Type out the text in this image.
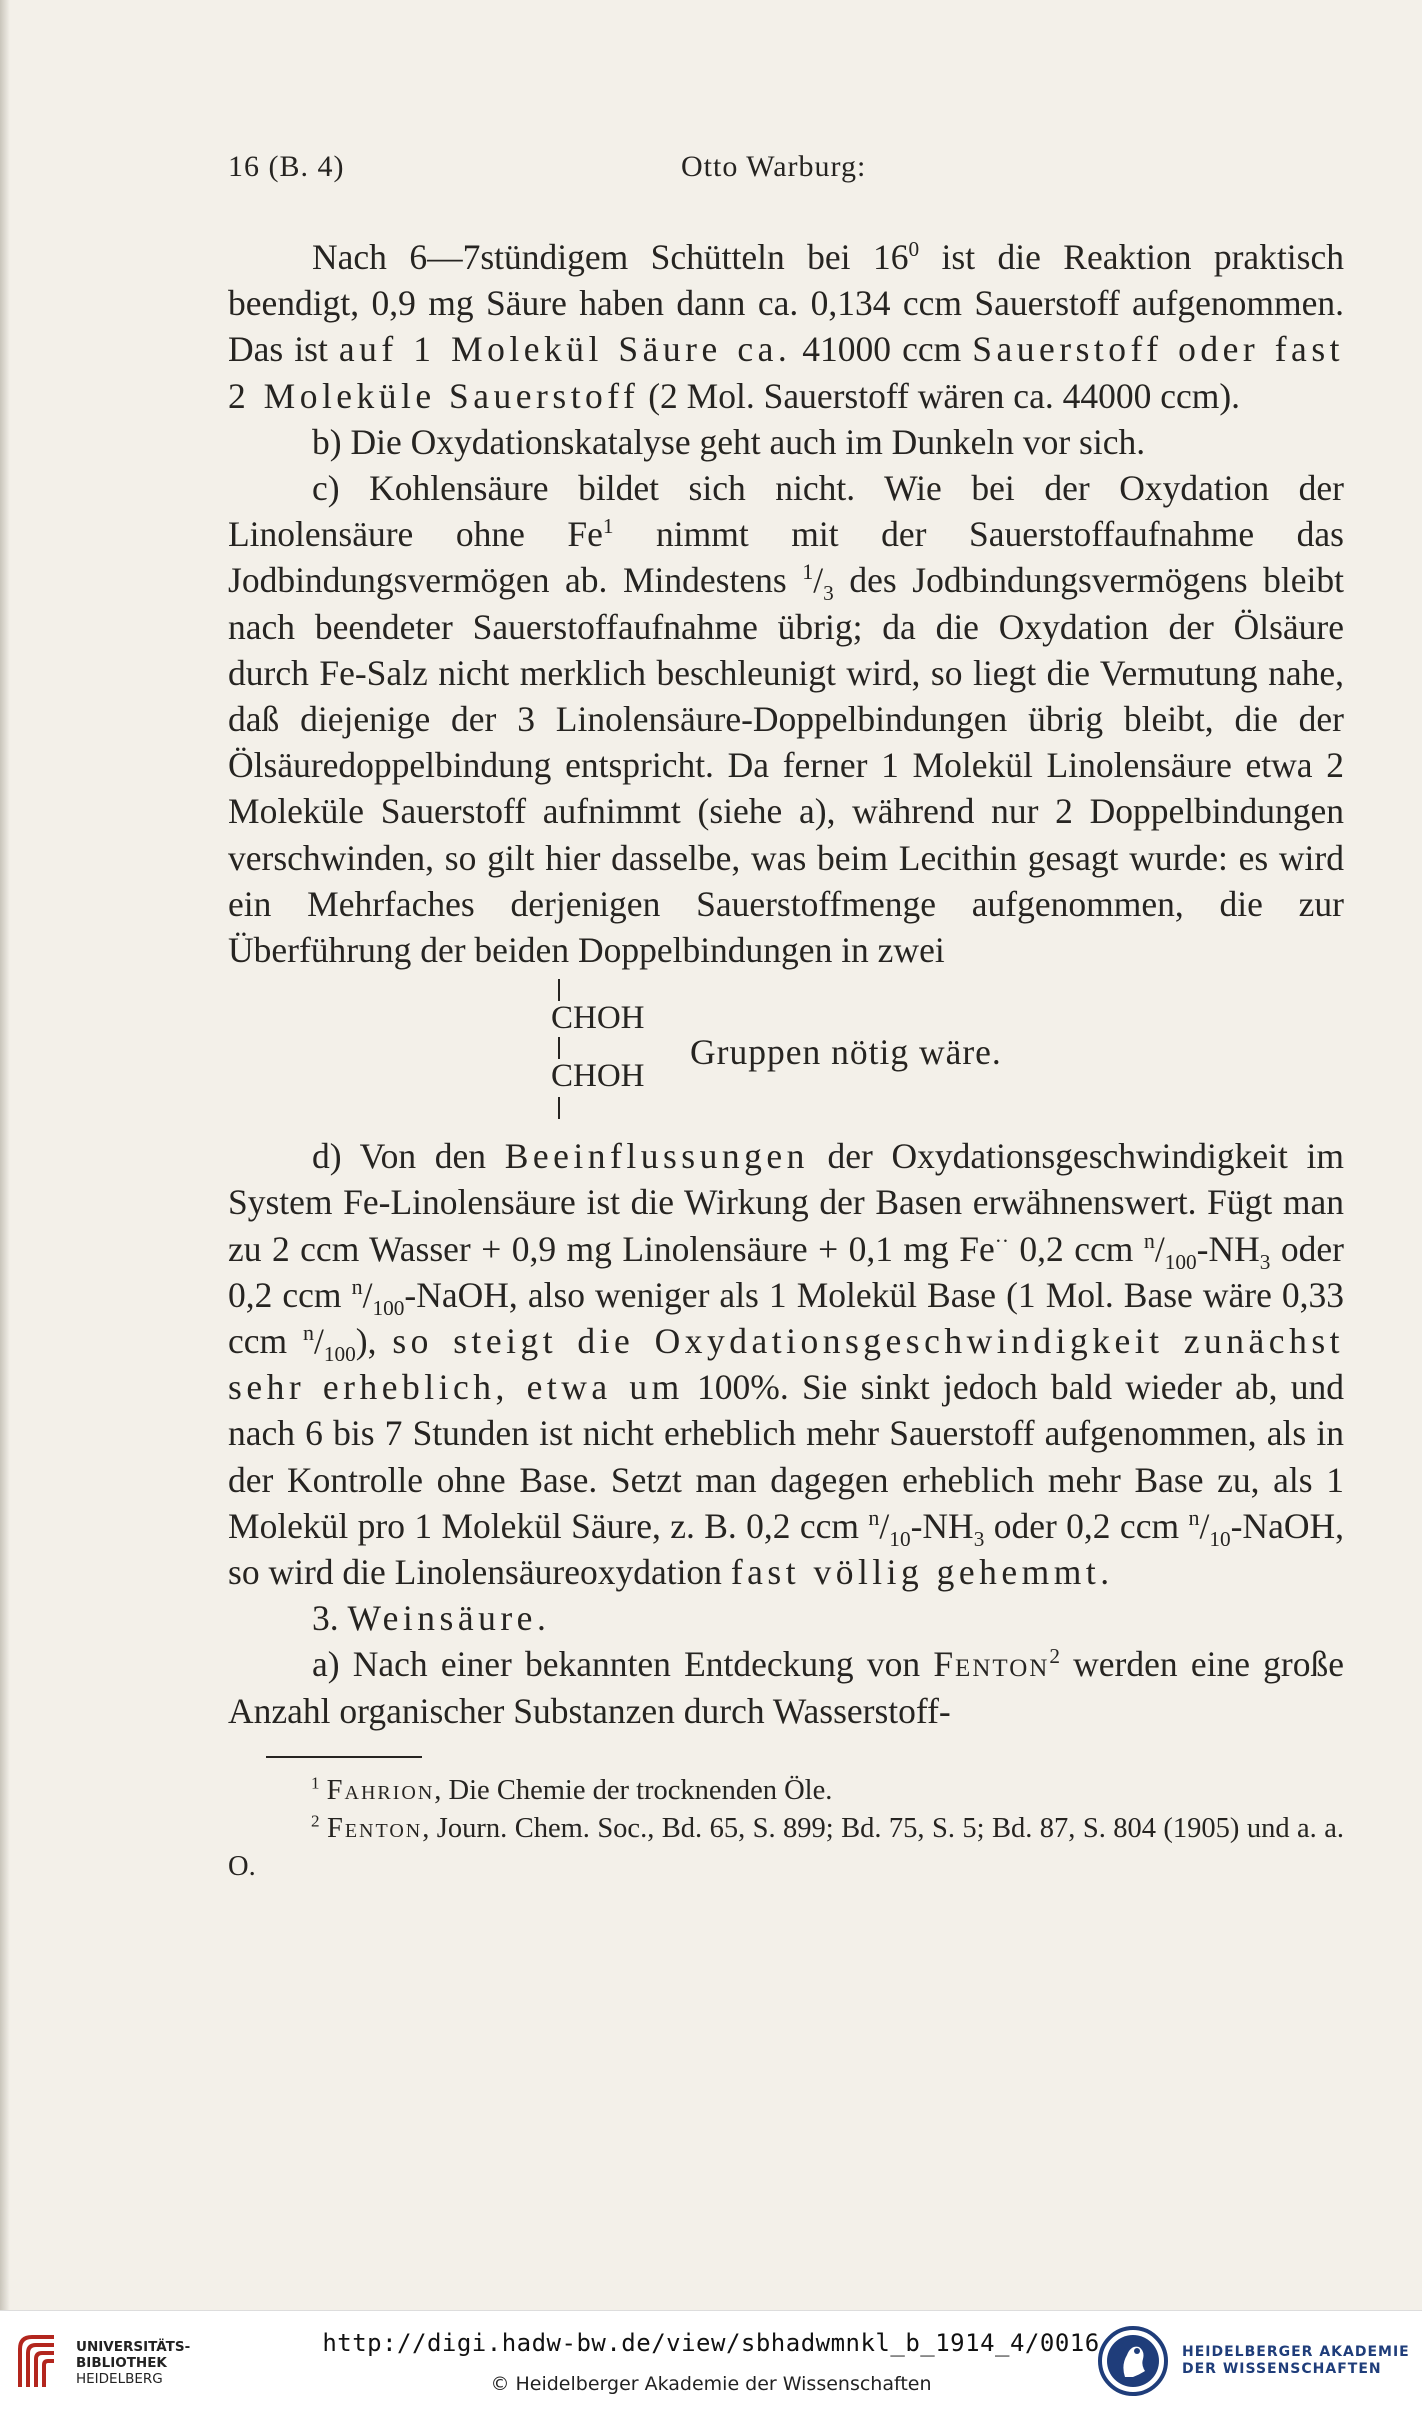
16 (B. 4)	Otto Warburg:

Nach 6—7stündigem Schütteln bei $16^0$ ist die Reaktion praktisch beendigt, 0,9 mg Säure haben dann ca. 0,134 ccm Sauerstoff aufgenommen. Das ist auf 1 Molekül Säure ca. 41000 ccm Sauerstoff oder fast 2 Moleküle Sauerstoff (2 Mol. Sauerstoff wären ca. 44000 ccm).

b) Die Oxydationskatalyse geht auch im Dunkeln vor sich.

c) Kohlensäure bildet sich nicht. Wie bei der Oxydation der Linolensäure ohne Fe$^1$ nimmt mit der Sauerstoffaufnahme das Jodbindungsvermögen ab. Mindestens $^1/_3$ des Jodbindungsvermögens bleibt nach beendeter Sauerstoffaufnahme übrig; da die Oxydation der Ölsäure durch Fe-Salz nicht merklich beschleunigt wird, so liegt die Vermutung nahe, daß diejenige der 3 Linolensäure-Doppelbindungen übrig bleibt, die der Ölsäuredoppelbindung entspricht. Da ferner 1 Molekül Linolensäure etwa 2 Moleküle Sauerstoff aufnimmt (siehe a), während nur 2 Doppelbindungen verschwinden, so gilt hier dasselbe, was beim Lecithin gesagt wurde: es wird ein Mehrfaches derjenigen Sauerstoffmenge aufgenommen, die zur Überführung der beiden Doppelbindungen in zwei

CHOH
CHOH
Gruppen nötig wäre.

d) Von den Beeinflussungen der Oxydationsgeschwindigkeit im System Fe-Linolensäure ist die Wirkung der Basen erwähnenswert. Fügt man zu 2 ccm Wasser + 0,9 mg Linolensäure + 0,1 mg Fe·· 0,2 ccm $^n/_{100}-NH_3$ oder 0,2 ccm $^n/_{100}$-NaOH, also weniger als 1 Molekül Base (1 Mol. Base wäre 0,33 ccm $^n/_{100}$), so steigt die Oxydationsgeschwindigkeit zunächst sehr erheblich, etwa um 100%. Sie sinkt jedoch bald wieder ab, und nach 6 bis 7 Stunden ist nicht erheblich mehr Sauerstoff aufgenommen, als in der Kontrolle ohne Base. Setzt man dagegen erheblich mehr Base zu, als 1 Molekül pro 1 Molekül Säure, z. B. 0,2 ccm $^n/_{10}-NH_3$ oder 0,2 ccm $^n/_{10}$-NaOH, so wird die Linolensäureoxydation fast völlig gehemmt.

3. Weinsäure.

a) Nach einer bekannten Entdeckung von Fenton$^2$ werden eine große Anzahl organischer Substanzen durch Wasserstoff-

$^1$ Fahrion, Die Chemie der trocknenden Öle.

$^2$ Fenton, Journ. Chem. Soc., Bd. 65, S. 899; Bd. 75, S. 5; Bd. 87, S. 804 (1905) und a. a. O.

UNIVERSITÄTS-
BIBLIOTHEK
HEIDELBERG
http://digi.hadw-bw.de/view/sbhadwmnkl_b_1914_4/0016
© Heidelberger Akademie der Wissenschaften
HEIDELBERGER AKADEMIE
DER WISSENSCHAFTEN
